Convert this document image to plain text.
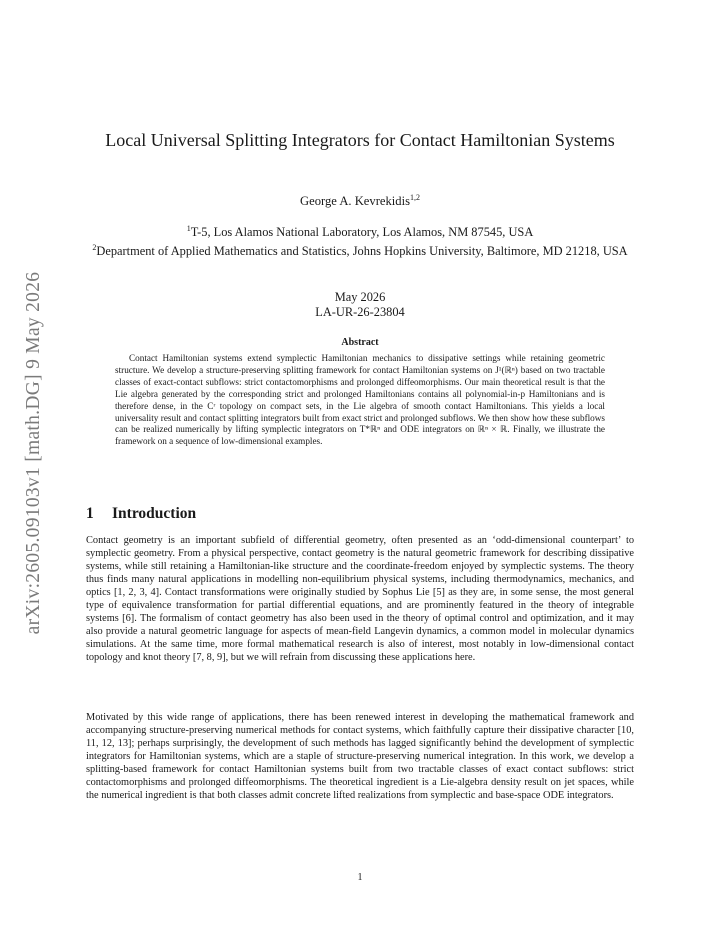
arXiv:2605.09103v1 [math.DG] 9 May 2026
Local Universal Splitting Integrators for Contact Hamiltonian Systems
George A. Kevrekidis$^{1,2}$
$^1$T-5, Los Alamos National Laboratory, Los Alamos, NM 87545, USA
$^2$Department of Applied Mathematics and Statistics, Johns Hopkins University, Baltimore, MD 21218, USA
May 2026
LA-UR-26-23804
Abstract
Contact Hamiltonian systems extend symplectic Hamiltonian mechanics to dissipative settings while retaining geometric structure. We develop a structure-preserving splitting framework for contact Hamiltonian systems on J¹(ℝⁿ) based on two tractable classes of exact-contact subflows: strict contactomorphisms and prolonged diffeomorphisms. Our main theoretical result is that the Lie algebra generated by the corresponding strict and prolonged Hamiltonians contains all polynomial-in-p Hamiltonians and is therefore dense, in the Cʳ topology on compact sets, in the Lie algebra of smooth contact Hamiltonians. This yields a local universality result and contact splitting integrators built from exact strict and prolonged subflows. We then show how these subflows can be realized numerically by lifting symplectic integrators on T*ℝⁿ and ODE integrators on ℝⁿ × ℝ. Finally, we illustrate the framework on a sequence of low-dimensional examples.
1 Introduction
Contact geometry is an important subfield of differential geometry, often presented as an ‘odd-dimensional counterpart’ to symplectic geometry. From a physical perspective, contact geometry is the natural geometric framework for describing dissipative systems, while still retaining a Hamiltonian-like structure and the coordinate-freedom enjoyed by symplectic systems. The theory thus finds many natural applications in modelling non-equilibrium physical systems, including thermodynamics, mechanics, and optics [1, 2, 3, 4]. Contact transformations were originally studied by Sophus Lie [5] as they are, in some sense, the most general type of equivalence transformation for partial differential equations, and are prominently featured in the theory of integrable systems [6]. The formalism of contact geometry has also been used in the theory of optimal control and optimization, and it may also provide a natural geometric language for aspects of mean-field Langevin dynamics, a common model in molecular dynamics simulations. At the same time, more formal mathematical research is also of interest, most notably in low-dimensional contact topology and knot theory [7, 8, 9], but we will refrain from discussing these applications here.
Motivated by this wide range of applications, there has been renewed interest in developing the mathematical framework and accompanying structure-preserving numerical methods for contact systems, which faithfully capture their dissipative character [10, 11, 12, 13]; perhaps surprisingly, the development of such methods has lagged significantly behind the development of symplectic integrators for Hamiltonian systems, which are a staple of structure-preserving numerical integration. In this work, we develop a splitting-based framework for contact Hamiltonian systems built from two tractable classes of exact contact subflows: strict contactomorphisms and prolonged diffeomorphisms. The theoretical ingredient is a Lie-algebra density result on jet spaces, while the numerical ingredient is that both classes admit concrete lifted realizations from symplectic and base-space ODE integrators.
1
